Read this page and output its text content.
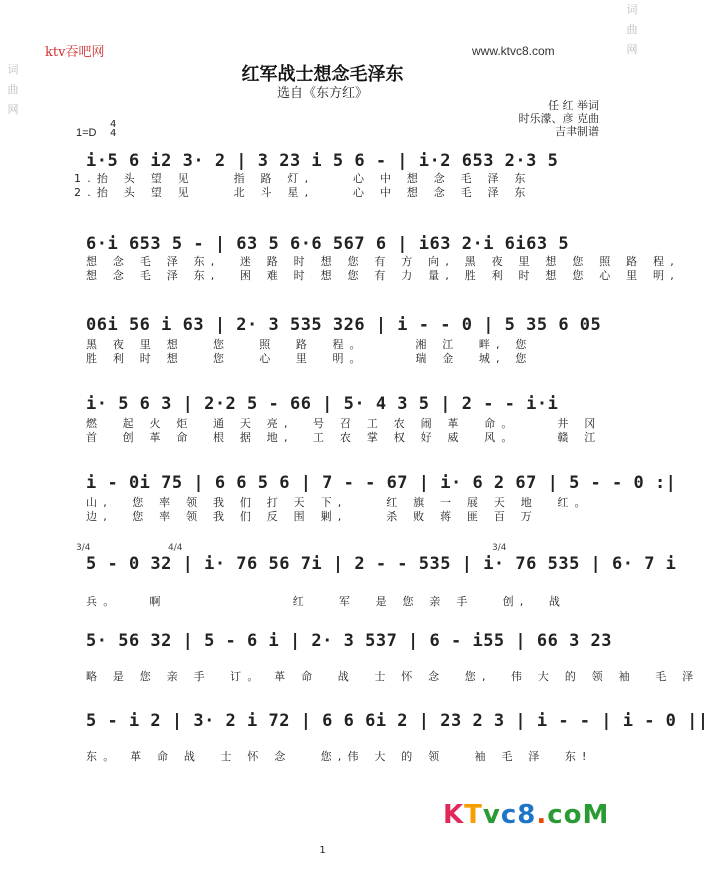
词
曲
网
词
曲
网
ktv吞吧网	www.ktvc8.com
红军战士想念毛泽东
选自《东方红》
任 红 举词
时乐濛、彦 克曲
吉聿制谱
1=D
4
4
i·5 6 i2 3· 2 | 3 23 i 5 6 - | i·2 653 2·3 5
1.抬 头 望 见    指 路 灯,    心 中 想 念 毛 泽 东
2.抬 头 望 见    北 斗 星,    心 中 想 念 毛 泽 东
6·i 653 5 - | 63 5 6·6 567 6 | i63 2·i 6i63 5
想 念 毛 泽 东,  迷 路 时 想 您 有 方 向, 黑 夜 里 想 您 照 路 程,
想 念 毛 泽 东,  困 难 时 想 您 有 力 量, 胜 利 时 想 您 心 里 明,
06i 56 i 63 | 2· 3 535 326 | i - - 0 | 5 35 6 05
黑 夜 里 想   您   照  路  程。     湘 江  畔, 您
胜 利 时 想   您   心  里  明。     瑞 金  城, 您
i· 5 6 3 | 2·2 5 - 66 | 5· 4 3 5 | 2 - - i·i
燃  起 火 炬  通 天 亮,  号 召 工 农 闹 革  命。    井 冈
首  创 革 命  根 据 地,  工 农 掌 权 好 威  风。    赣 江
i - 0i 75 | 6 6 5 6 | 7 - - 67 | i· 6 2 67 | 5 - - 0 :|
山,  您 率 领 我 们 打 天 下,    红 旗 一 展 天 地  红。
边,  您 率 领 我 们 反 围 剿,    杀 败 蒋 匪 百 万
3/4	4/4	3/4
5 - 0 32 | i· 76 56 7i | 2 - - 535 | i· 76 535 | 6· 7 i
兵。   啊             红   军  是 您 亲 手   创,  战
5· 56 32 | 5 - 6 i | 2· 3 537 | 6 - i55 | 66 3 23
略 是 您 亲 手  订。 革 命  战  士 怀 念  您,  伟 大 的 领 袖  毛 泽
5 - i 2 | 3· 2 i 72 | 6 6 6i 2 | 23 2 3 | i - - | i - 0 ||
东。 革 命 战  士 怀 念   您,伟 大 的 领   袖 毛 泽  东!
KTvc8.coM
1
